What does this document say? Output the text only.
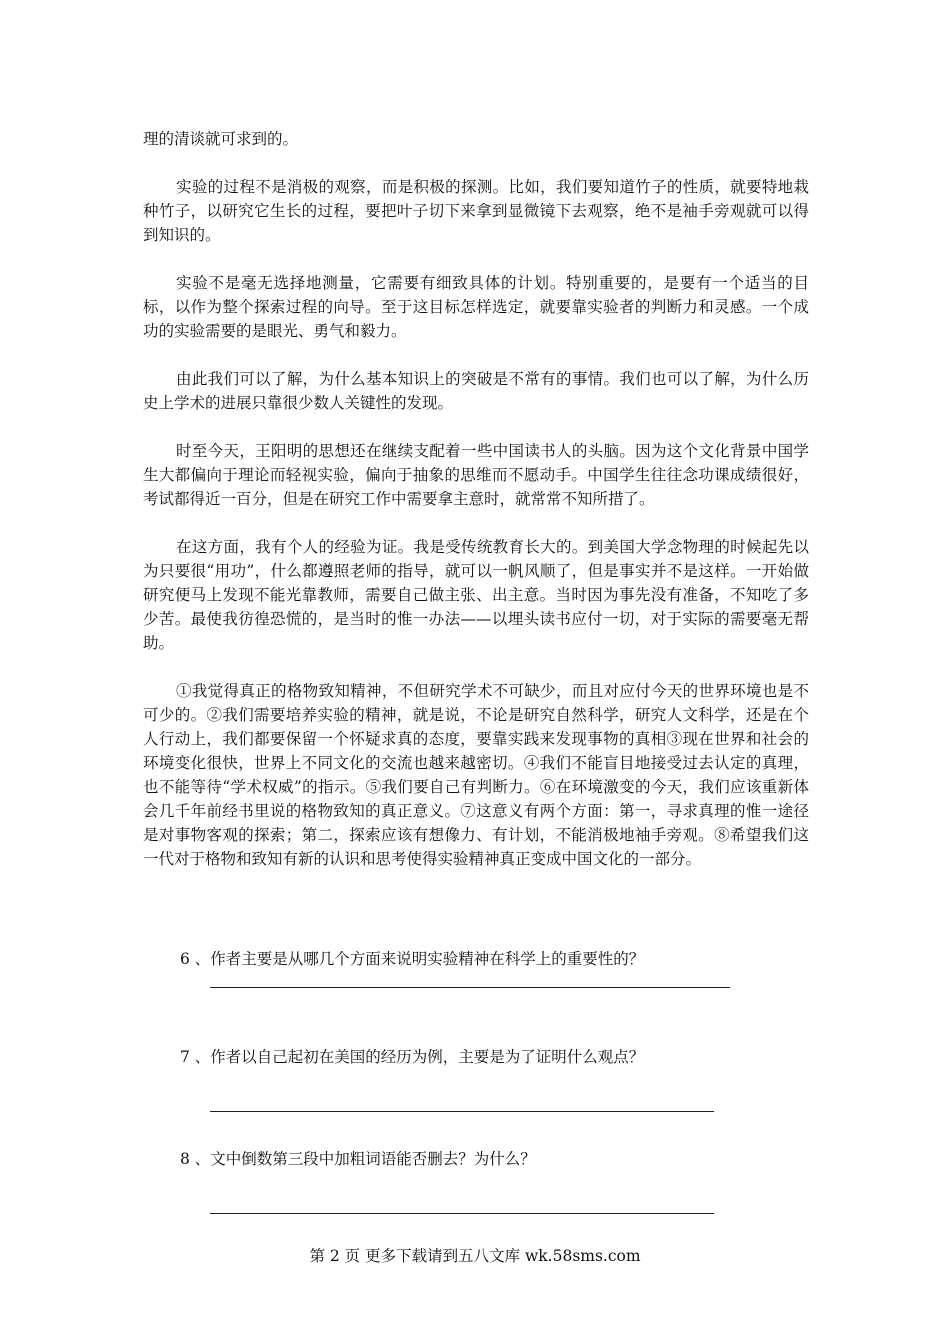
理的清谈就可求到的。

实验的过程不是消极的观察，而是积极的探测。比如，我们要知道竹子的性质，就要特地栽种竹子，以研究它生长的过程，要把叶子切下来拿到显微镜下去观察，绝不是袖手旁观就可以得到知识的。

实验不是毫无选择地测量，它需要有细致具体的计划。特别重要的，是要有一个适当的目标，以作为整个探索过程的向导。至于这目标怎样选定，就要靠实验者的判断力和灵感。一个成功的实验需要的是眼光、勇气和毅力。

由此我们可以了解，为什么基本知识上的突破是不常有的事情。我们也可以了解，为什么历史上学术的进展只靠很少数人关键性的发现。

时至今天，王阳明的思想还在继续支配着一些中国读书人的头脑。因为这个文化背景中国学生大都偏向于理论而轻视实验，偏向于抽象的思维而不愿动手。中国学生往往念功课成绩很好，考试都得近一百分，但是在研究工作中需要拿主意时，就常常不知所措了。

在这方面，我有个人的经验为证。我是受传统教育长大的。到美国大学念物理的时候起先以为只要很“用功”，什么都遵照老师的指导，就可以一帆风顺了，但是事实并不是这样。一开始做研究便马上发现不能光靠教师，需要自己做主张、出主意。当时因为事先没有准备，不知吃了多少苦。最使我彷徨恐慌的，是当时的惟一办法——以埋头读书应付一切，对于实际的需要毫无帮助。

①我觉得真正的格物致知精神，不但研究学术不可缺少，而且对应付今天的世界环境也是不可少的。②我们需要培养实验的精神，就是说，不论是研究自然科学，研究人文科学，还是在个人行动上，我们都要保留一个怀疑求真的态度，要靠实践来发现事物的真相③现在世界和社会的环境变化很快，世界上不同文化的交流也越来越密切。④我们不能盲目地接受过去认定的真理，也不能等待“学术权威”的指示。⑤我们要自己有判断力。⑥在环境激变的今天，我们应该重新体会几千年前经书里说的格物致知的真正意义。⑦这意义有两个方面：第一，寻求真理的惟一途径是对事物客观的探索；第二，探索应该有想像力、有计划，不能消极地袖手旁观。⑧希望我们这一代对于格物和致知有新的认识和思考使得实验精神真正变成中国文化的一部分。

6 、作者主要是从哪几个方面来说明实验精神在科学上的重要性的？

7 、作者以自己起初在美国的经历为例，主要是为了证明什么观点？

8 、文中倒数第三段中加粗词语能否删去？为什么？

第 2 页 更多下载请到五八文库 wk.58sms.com
